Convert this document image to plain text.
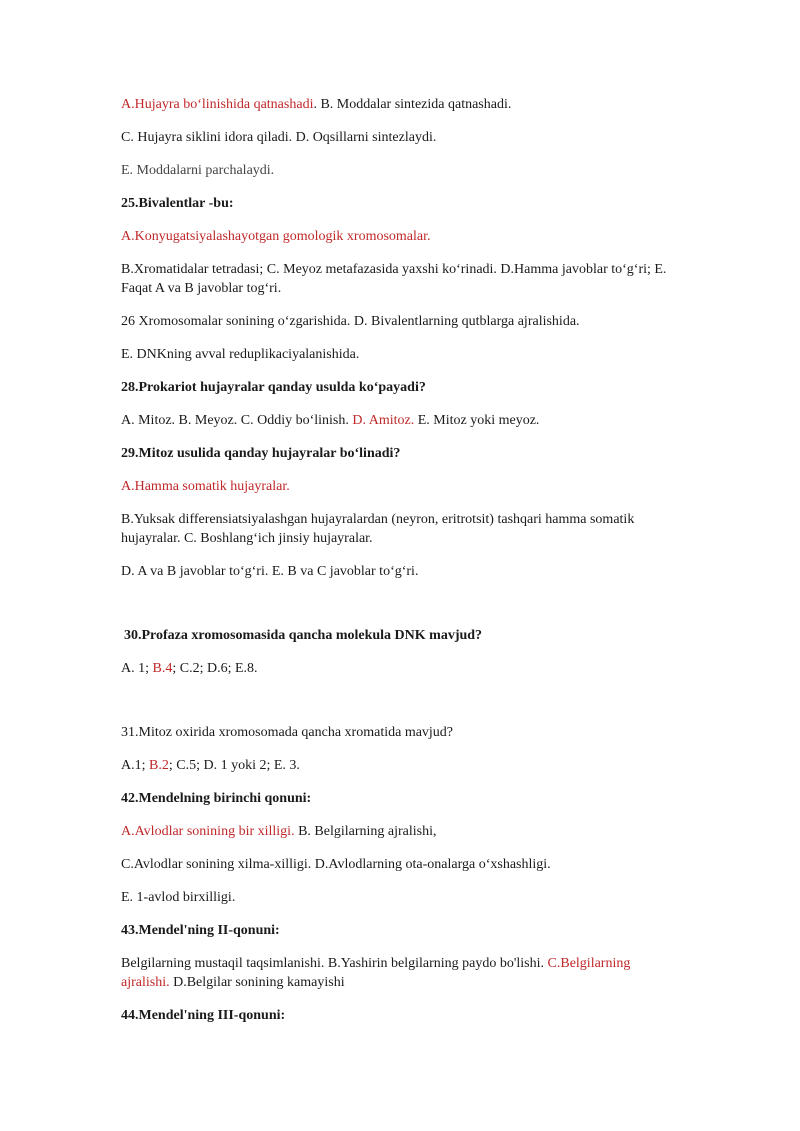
A.Hujayra bo‘linishida qatnashadi. B. Moddalar sintezida qatnashadi.

C. Hujayra siklini idora qiladi. D. Oqsillarni sintezlaydi.

E. Moddalarni parchalaydi.

25.Bivalentlar -bu:

A.Konyugatsiyalashayotgan gomologik xromosomalar.

B.Xromatidalar tetradasi; C. Meyoz metafazasida yaxshi ko‘rinadi. D.Hamma javoblar to‘g‘ri; E. Faqat A va B javoblar tog‘ri.

26 Xromosomalar sonining o‘zgarishida. D. Bivalentlarning qutblarga ajralishida.

E. DNKning avval reduplikaciyalanishida.

28.Prokariot hujayralar qanday usulda ko‘payadi?

A. Mitoz. B. Meyoz. C. Oddiy bo‘linish. D. Amitoz. E. Mitoz yoki meyoz.

29.Mitoz usulida qanday hujayralar bo‘linadi?

A.Hamma somatik hujayralar.

B.Yuksak differensiatsiyalashgan hujayralardan (neyron, eritrotsit) tashqari hamma somatik hujayralar. C. Boshlang‘ich jinsiy hujayralar.

D. A va B javoblar to‘g‘ri. E. B va C javoblar to‘g‘ri.

30.Profaza xromosomasida qancha molekula DNK mavjud?

A. 1; B.4; C.2; D.6; E.8.

31.Mitoz oxirida xromosomada qancha xromatida mavjud?

A.1; B.2; C.5; D. 1 yoki 2; E. 3.

42.Mendelning birinchi qonuni:

A.Avlodlar sonining bir xilligi. B. Belgilarning ajralishi,

C.Avlodlar sonining xilma-xilligi. D.Avlodlarning ota-onalarga o‘xshashligi.

E. 1-avlod birxilligi.

43.Mendel'ning II-qonuni:

Belgilarning mustaqil taqsimlanishi. B.Yashirin belgilarning paydo bo'lishi. C.Belgilarning ajralishi. D.Belgilar sonining kamayishi

44.Mendel'ning III-qonuni:
